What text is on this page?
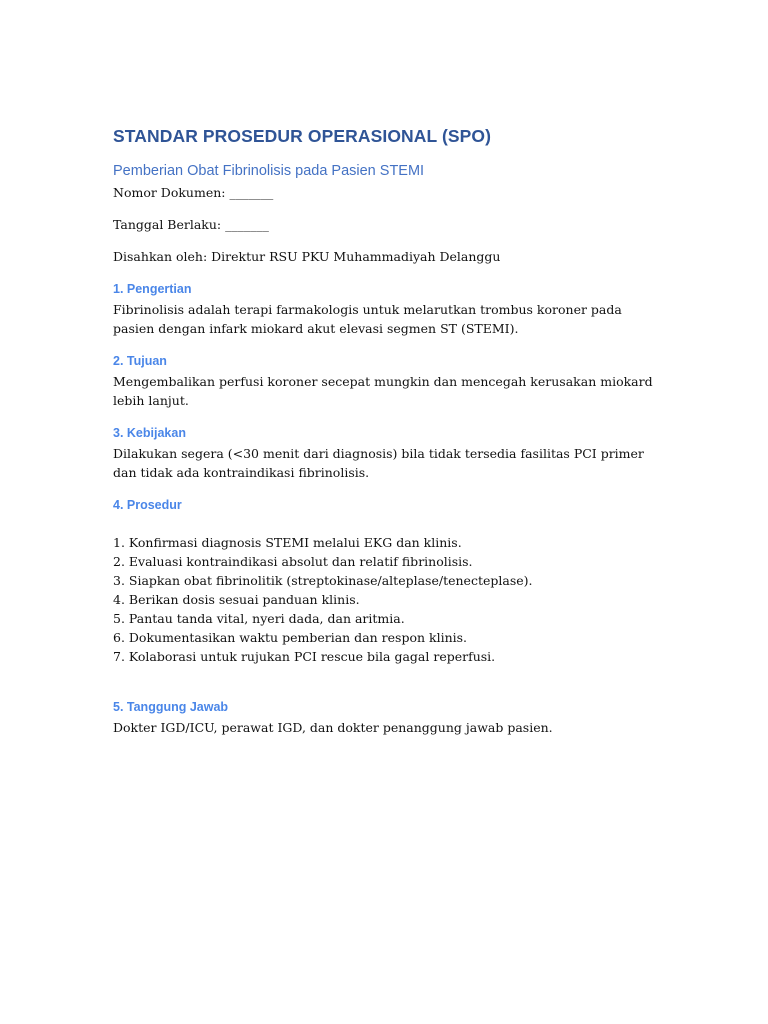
STANDAR PROSEDUR OPERASIONAL (SPO)
Pemberian Obat Fibrinolisis pada Pasien STEMI

Nomor Dokumen: _______

Tanggal Berlaku: _______

Disahkan oleh: Direktur RSU PKU Muhammadiyah Delanggu

1. Pengertian

Fibrinolisis adalah terapi farmakologis untuk melarutkan trombus koroner pada pasien dengan infark miokard akut elevasi segmen ST (STEMI).

2. Tujuan

Mengembalikan perfusi koroner secepat mungkin dan mencegah kerusakan miokard lebih lanjut.

3. Kebijakan

Dilakukan segera (<30 menit dari diagnosis) bila tidak tersedia fasilitas PCI primer dan tidak ada kontraindikasi fibrinolisis.

4. Prosedur
1. Konfirmasi diagnosis STEMI melalui EKG dan klinis.
2. Evaluasi kontraindikasi absolut dan relatif fibrinolisis.
3. Siapkan obat fibrinolitik (streptokinase/alteplase/tenecteplase).
4. Berikan dosis sesuai panduan klinis.
5. Pantau tanda vital, nyeri dada, dan aritmia.
6. Dokumentasikan waktu pemberian dan respon klinis.
7. Kolaborasi untuk rujukan PCI rescue bila gagal reperfusi.
5. Tanggung Jawab

Dokter IGD/ICU, perawat IGD, dan dokter penanggung jawab pasien.
